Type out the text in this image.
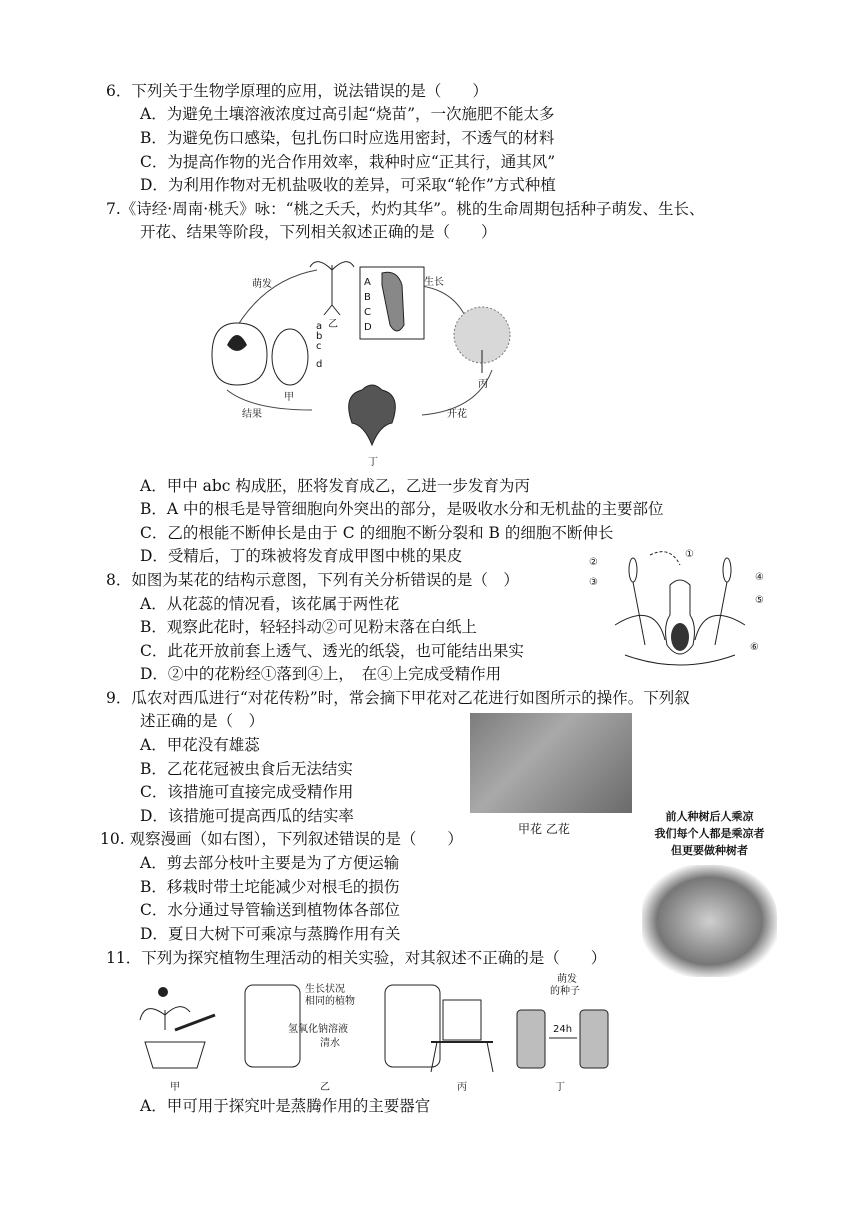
6．下列关于生物学原理的应用，说法错误的是（　　）
A．为避免土壤溶液浓度过高引起“烧苗”，一次施肥不能太多
B．为避免伤口感染，包扎伤口时应选用密封，不透气的材料
C．为提高作物的光合作用效率，栽种时应“正其行，通其风”
D．为利用作物对无机盐吸收的差异，可采取“轮作”方式种植
7.《诗经·周南·桃夭》咏：“桃之夭夭，灼灼其华”。桃的生命周期包括种子萌发、生长、
开花、结果等阶段，下列相关叙述正确的是（　　）
萌发	生长
开花
结果
a
b
c
d
甲
乙
A
B
C
D
丙
丁
A．甲中 abc 构成胚，胚将发育成乙，乙进一步发育为丙
B．A 中的根毛是导管细胞向外突出的部分，是吸收水分和无机盐的主要部位
C．乙的根能不断伸长是由于 C 的细胞不断分裂和 B 的细胞不断伸长
D．受精后，丁的珠被将发育成甲图中桃的果皮
8．如图为某花的结构示意图，下列有关分析错误的是（　）
A．从花蕊的情况看，该花属于两性花
B．观察此花时，轻轻抖动②可见粉末落在白纸上
C．此花开放前套上透气、透光的纸袋，也可能结出果实
D．②中的花粉经①落到④上，　在④上完成受精作用
②
③
①
④
⑤
⑥
9．瓜农对西瓜进行“对花传粉”时，常会摘下甲花对乙花进行如图所示的操作。下列叙
述正确的是（　）
A．甲花没有雄蕊
B．乙花花冠被虫食后无法结实
C．该措施可直接完成受精作用
D．该措施可提高西瓜的结实率
甲花 乙花
10. 观察漫画（如右图），下列叙述错误的是（　　）
A．剪去部分枝叶主要是为了方便运输
B．移栽时带土坨能减少对根毛的损伤
C．水分通过导管输送到植物体各部位
D．夏日大树下可乘凉与蒸腾作用有关
前人种树后人乘凉
我们每个人都是乘凉者
但更要做种树者
11．下列为探究植物生理活动的相关实验，对其叙述不正确的是（　　）
甲
生长状况
相同的植物
氢氧化钠溶液
清水
乙	丙
萌发
的种子
24h
丁
A．甲可用于探究叶是蒸腾作用的主要器官
